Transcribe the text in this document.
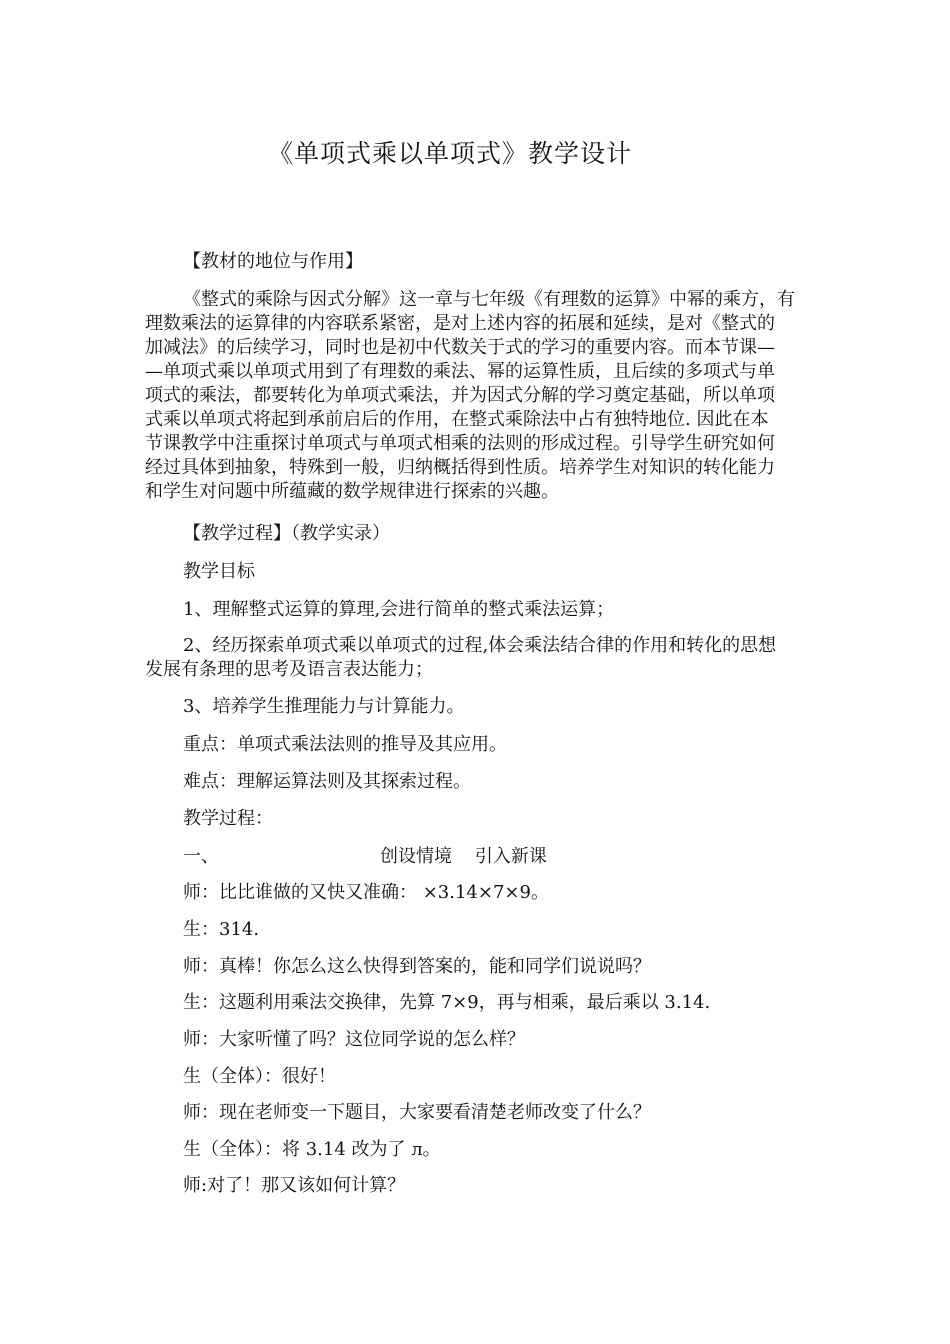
《单项式乘以单项式》教学设计
【教材的地位与作用】
《整式的乘除与因式分解》这一章与七年级《有理数的运算》中幂的乘方，有
理数乘法的运算律的内容联系紧密，是对上述内容的拓展和延续，是对《整式的
加减法》的后续学习，同时也是初中代数关于式的学习的重要内容。而本节课—
—单项式乘以单项式用到了有理数的乘法、幂的运算性质，且后续的多项式与单
项式的乘法，都要转化为单项式乘法，并为因式分解的学习奠定基础，所以单项
式乘以单项式将起到承前启后的作用，在整式乘除法中占有独特地位. 因此在本
节课教学中注重探讨单项式与单项式相乘的法则的形成过程。引导学生研究如何
经过具体到抽象，特殊到一般，归纳概括得到性质。培养学生对知识的转化能力
和学生对问题中所蕴藏的数学规律进行探索的兴趣。
【教学过程】（教学实录）
教学目标
1、理解整式运算的算理,会进行简单的整式乘法运算；
2、经历探索单项式乘以单项式的过程,体会乘法结合律的作用和转化的思想
发展有条理的思考及语言表达能力；
3、培养学生推理能力与计算能力。
重点：单项式乘法法则的推导及其应用。
难点：理解运算法则及其探索过程。
教学过程：
一、	创设情境    引入新课
师：比比谁做的又快又准确： ×3.14×7×9。
生：314.
师：真棒！你怎么这么快得到答案的，能和同学们说说吗？
生：这题利用乘法交换律，先算 7×9，再与相乘，最后乘以 3.14.
师：大家听懂了吗？这位同学说的怎么样？
生（全体）：很好！
师：现在老师变一下题目，大家要看清楚老师改变了什么？
生（全体）：将 3.14 改为了 л。
师:对了！那又该如何计算？
